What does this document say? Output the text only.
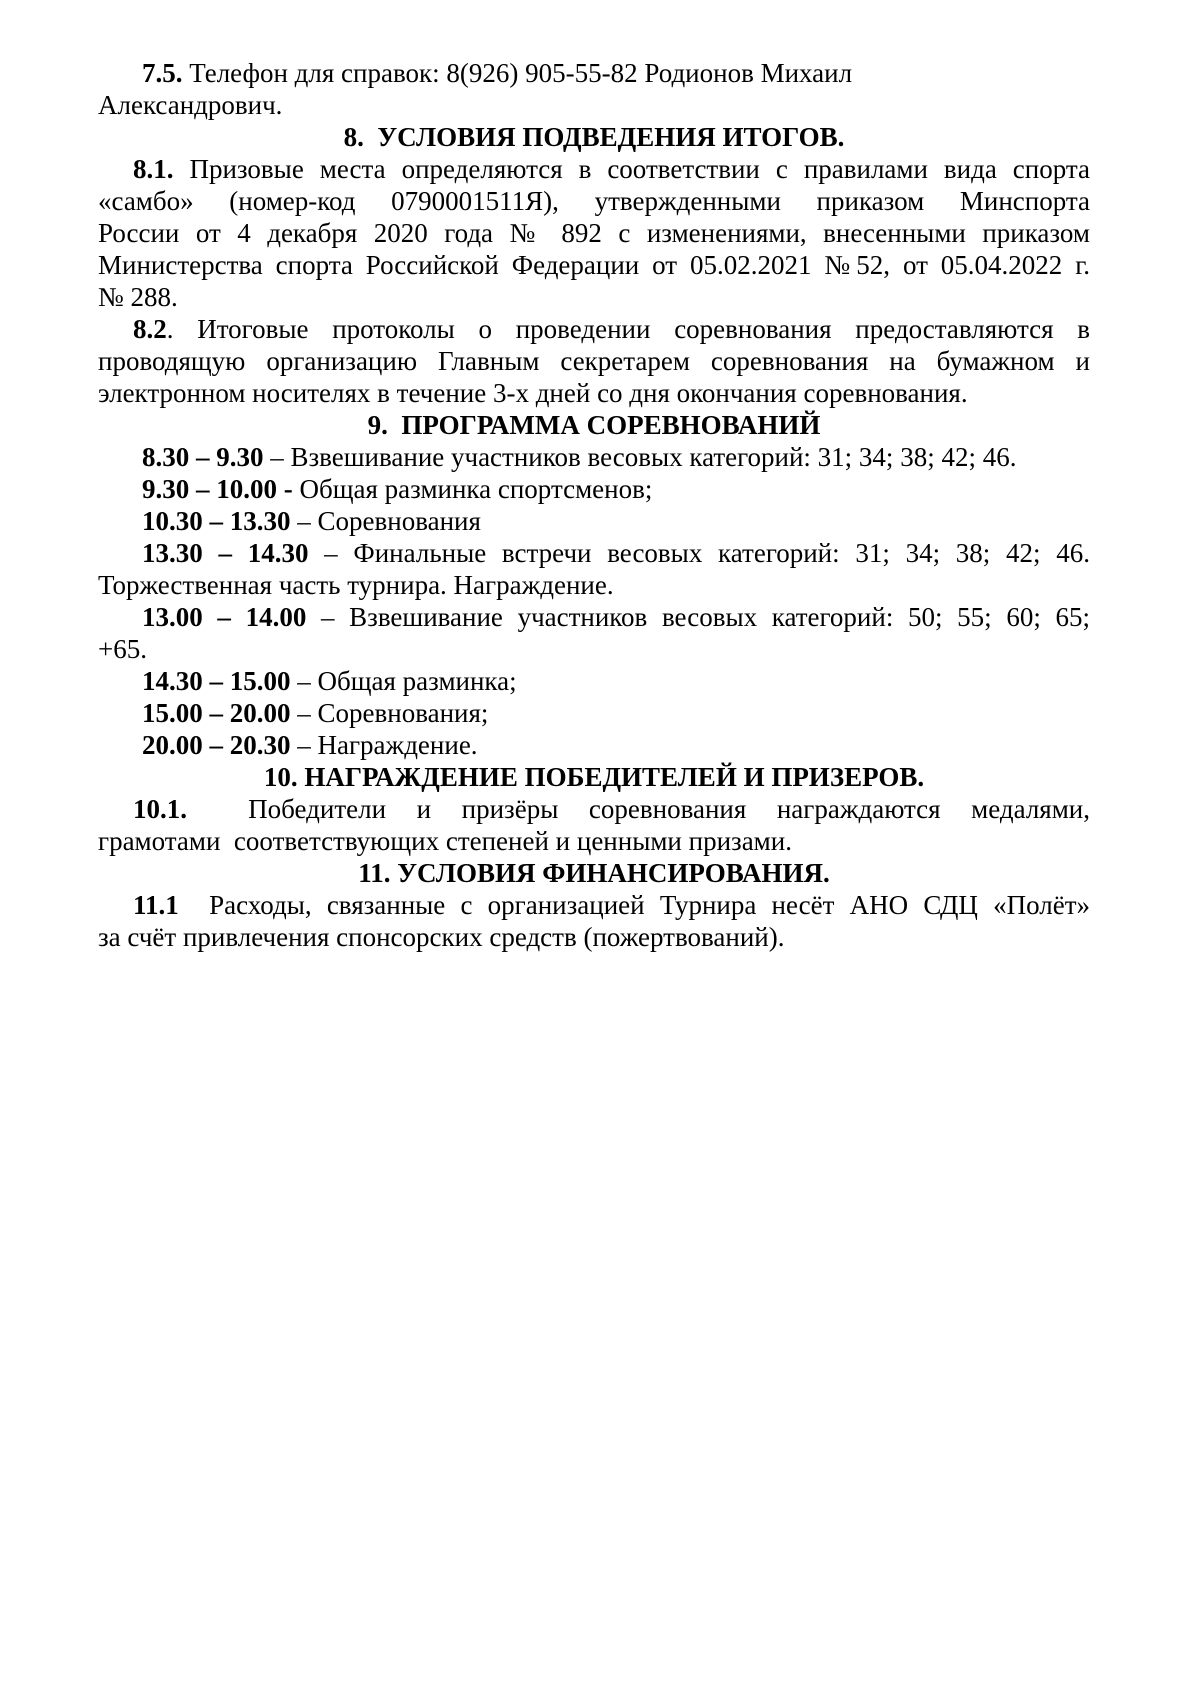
7.5. Телефон для справок: 8(926) 905-55-82 Родионов Михаил
Александрович.

8.  УСЛОВИЯ ПОДВЕДЕНИЯ ИТОГОВ.

8.1. Призовые места определяются в соответствии с правилами вида спорта
«самбо» (номер-код 0790001511Я), утвержденными приказом Минспорта
России от 4 декабря 2020 года № 892 с изменениями, внесенными приказом
Министерства спорта Российской Федерации от 05.02.2021 №52, от 05.04.2022 г.
№ 288.

8.2. Итоговые протоколы о проведении соревнования предоставляются в
проводящую организацию Главным секретарем соревнования на бумажном и
электронном носителях в течение 3-х дней со дня окончания соревнования.

9.  ПРОГРАММА СОРЕВНОВАНИЙ

8.30 – 9.30 – Взвешивание участников весовых категорий: 31; 34; 38; 42; 46.

9.30 – 10.00 - Общая разминка спортсменов;

10.30 – 13.30 – Соревнования

13.30 – 14.30 – Финальные встречи весовых категорий: 31; 34; 38; 42; 46.
Торжественная часть турнира. Награждение.

13.00 – 14.00 – Взвешивание участников весовых категорий: 50; 55; 60; 65;
+65.

14.30 – 15.00 – Общая разминка;

15.00 – 20.00 – Соревнования;

20.00 – 20.30 – Награждение.

10. НАГРАЖДЕНИЕ ПОБЕДИТЕЛЕЙ И ПРИЗЕРОВ.

10.1.  Победители и призёры соревнования награждаются медалями,
грамотами  соответствующих степеней и ценными призами.

11. УСЛОВИЯ ФИНАНСИРОВАНИЯ.

11.1  Расходы, связанные с организацией Турнира несёт АНО СДЦ «Полёт»
за счёт привлечения спонсорских средств (пожертвований).
